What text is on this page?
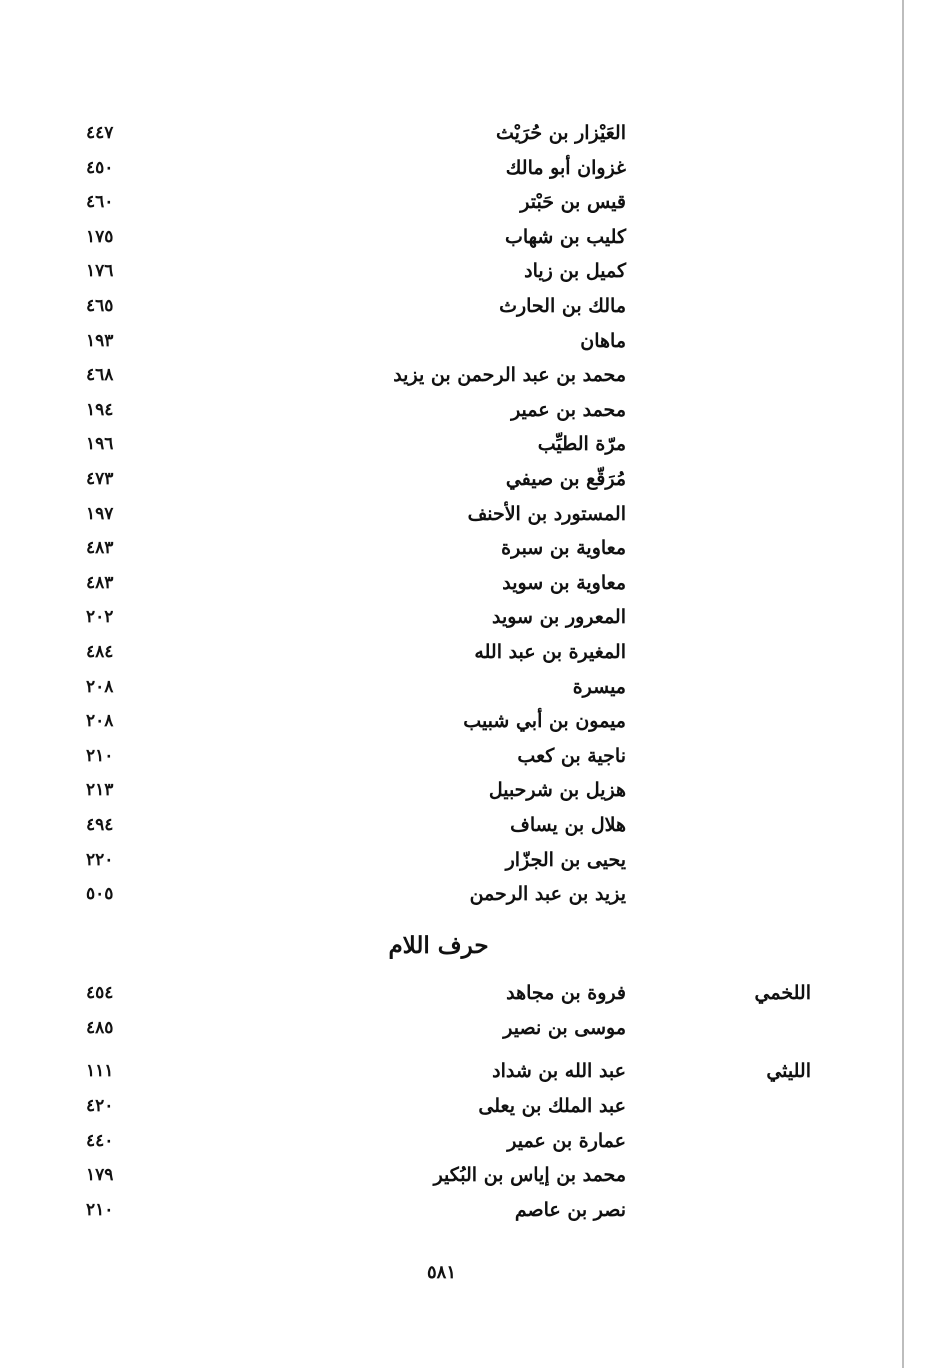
العَيْزار بن حُرَيْث
٤٤٧
غزوان أبو مالك
٤٥٠
قيس بن حَبْتر
٤٦٠
كليب بن شهاب
١٧٥
كميل بن زياد
١٧٦
مالك بن الحارث
٤٦٥
ماهان
١٩٣
محمد بن عبد الرحمن بن يزيد
٤٦٨
محمد بن عمير
١٩٤
مرّة الطيِّب
١٩٦
مُرَقّع بن صيفي
٤٧٣
المستورد بن الأحنف
١٩٧
معاوية بن سبرة
٤٨٣
معاوية بن سويد
٤٨٣
المعرور بن سويد
٢٠٢
المغيرة بن عبد الله
٤٨٤
ميسرة
٢٠٨
ميمون بن أبي شبيب
٢٠٨
ناجية بن كعب
٢١٠
هزيل بن شرحبيل
٢١٣
هلال بن يساف
٤٩٤
يحيى بن الجزّار
٢٢٠
يزيد بن عبد الرحمن
٥٠٥
حرف اللام
اللخمي
فروة بن مجاهد
٤٥٤
موسى بن نصير
٤٨٥
الليثي
عبد الله بن شداد
١١١
عبد الملك بن يعلى
٤٢٠
عمارة بن عمير
٤٤٠
محمد بن إياس بن البُكير
١٧٩
نصر بن عاصم
٢١٠
٥٨١
